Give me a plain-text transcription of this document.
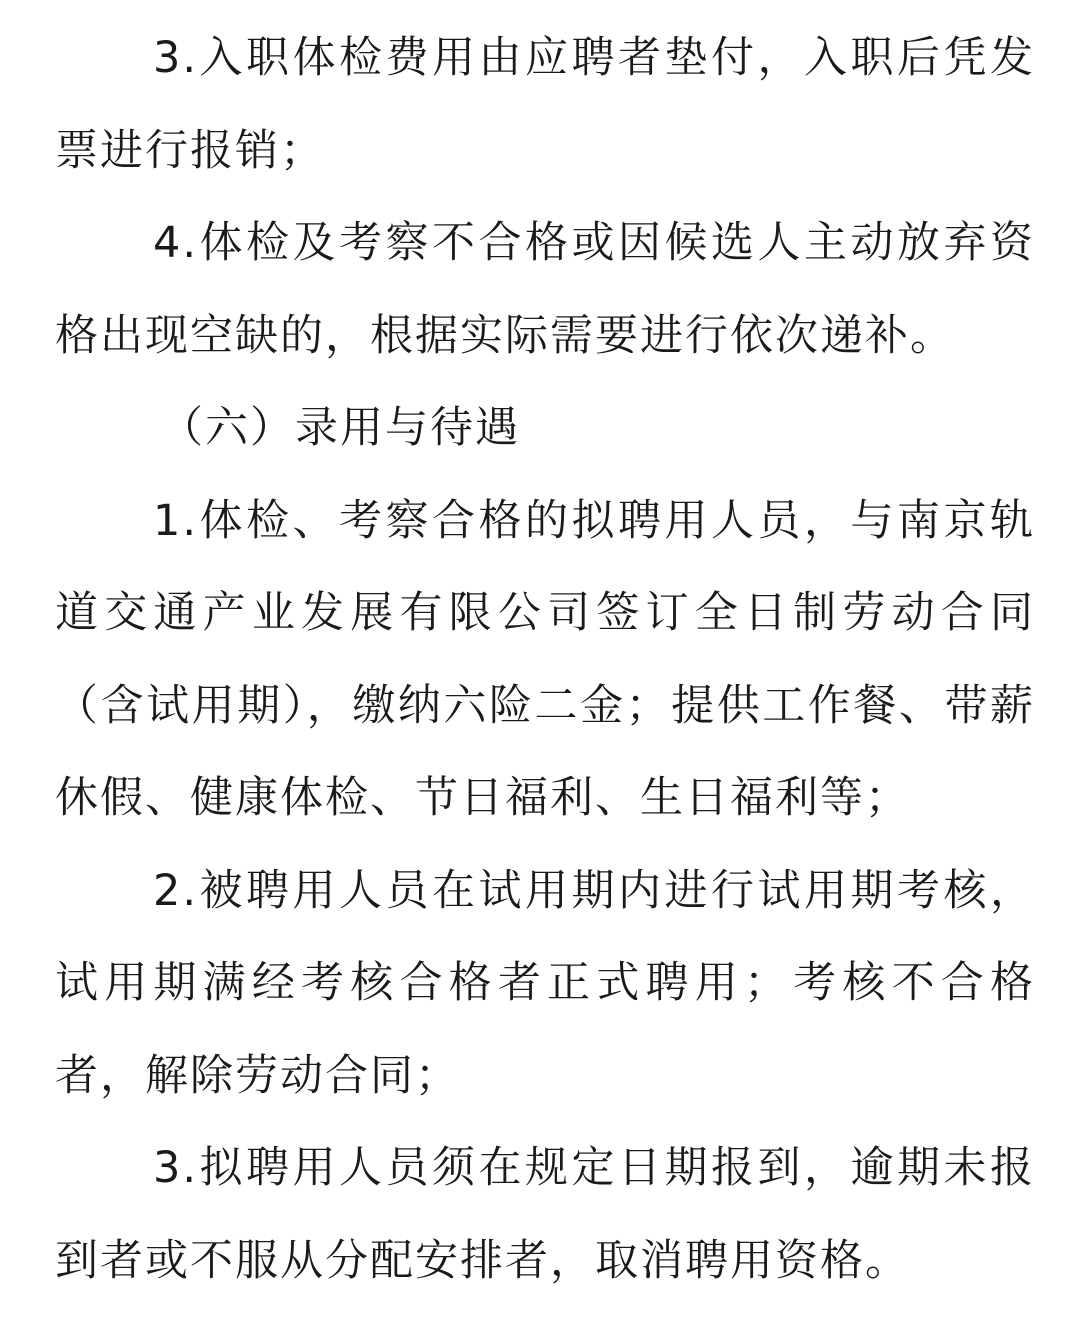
3.入职体检费用由应聘者垫付，入职后凭发票进行报销；

4.体检及考察不合格或因候选人主动放弃资格出现空缺的，根据实际需要进行依次递补。

（六）录用与待遇

1.体检、考察合格的拟聘用人员，与南京轨道交通产业发展有限公司签订全日制劳动合同（含试用期），缴纳六险二金；提供工作餐、带薪休假、健康体检、节日福利、生日福利等；

2.被聘用人员在试用期内进行试用期考核，试用期满经考核合格者正式聘用；考核不合格者，解除劳动合同；

3.拟聘用人员须在规定日期报到，逾期未报到者或不服从分配安排者，取消聘用资格。
